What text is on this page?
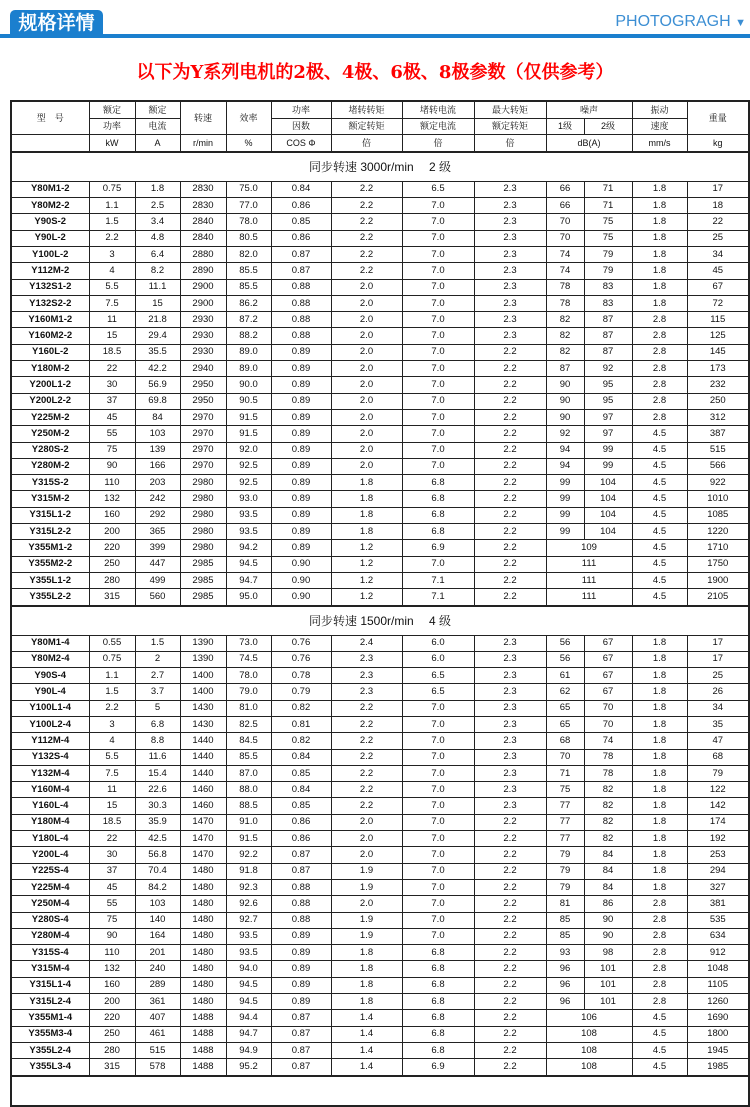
规格详情	PHOTOGRAGH ▼
以下为Y系列电机的2极、4极、6极、8极参数（仅供参考）
型　号	额定	额定	转速	效率	功率	堵转转矩	堵转电流	最大转矩	噪声		振动	重量
	功率	电流			因数	额定转矩	额定电流	额定转矩	1级	2级	速度	
	kW	A	r/min	%	COS Φ	倍	倍	倍	dB(A)		mm/s	kg
同步转速 3000r/min　 2 级												
Y80M1-2	0.75	1.8	2830	75.0	0.84	2.2	6.5	2.3	66	71	1.8	17
Y80M2-2	1.1	2.5	2830	77.0	0.86	2.2	7.0	2.3	66	71	1.8	18
Y90S-2	1.5	3.4	2840	78.0	0.85	2.2	7.0	2.3	70	75	1.8	22
Y90L-2	2.2	4.8	2840	80.5	0.86	2.2	7.0	2.3	70	75	1.8	25
Y100L-2	3	6.4	2880	82.0	0.87	2.2	7.0	2.3	74	79	1.8	34
Y112M-2	4	8.2	2890	85.5	0.87	2.2	7.0	2.3	74	79	1.8	45
Y132S1-2	5.5	11.1	2900	85.5	0.88	2.0	7.0	2.3	78	83	1.8	67
Y132S2-2	7.5	15	2900	86.2	0.88	2.0	7.0	2.3	78	83	1.8	72
Y160M1-2	11	21.8	2930	87.2	0.88	2.0	7.0	2.3	82	87	2.8	115
Y160M2-2	15	29.4	2930	88.2	0.88	2.0	7.0	2.3	82	87	2.8	125
Y160L-2	18.5	35.5	2930	89.0	0.89	2.0	7.0	2.2	82	87	2.8	145
Y180M-2	22	42.2	2940	89.0	0.89	2.0	7.0	2.2	87	92	2.8	173
Y200L1-2	30	56.9	2950	90.0	0.89	2.0	7.0	2.2	90	95	2.8	232
Y200L2-2	37	69.8	2950	90.5	0.89	2.0	7.0	2.2	90	95	2.8	250
Y225M-2	45	84	2970	91.5	0.89	2.0	7.0	2.2	90	97	2.8	312
Y250M-2	55	103	2970	91.5	0.89	2.0	7.0	2.2	92	97	4.5	387
Y280S-2	75	139	2970	92.0	0.89	2.0	7.0	2.2	94	99	4.5	515
Y280M-2	90	166	2970	92.5	0.89	2.0	7.0	2.2	94	99	4.5	566
Y315S-2	110	203	2980	92.5	0.89	1.8	6.8	2.2	99	104	4.5	922
Y315M-2	132	242	2980	93.0	0.89	1.8	6.8	2.2	99	104	4.5	1010
Y315L1-2	160	292	2980	93.5	0.89	1.8	6.8	2.2	99	104	4.5	1085
Y315L2-2	200	365	2980	93.5	0.89	1.8	6.8	2.2	99	104	4.5	1220
Y355M1-2	220	399	2980	94.2	0.89	1.2	6.9	2.2	109		4.5	1710
Y355M2-2	250	447	2985	94.5	0.90	1.2	7.0	2.2	111		4.5	1750
Y355L1-2	280	499	2985	94.7	0.90	1.2	7.1	2.2	111		4.5	1900
Y355L2-2	315	560	2985	95.0	0.90	1.2	7.1	2.2	111		4.5	2105
同步转速 1500r/min　 4 级												
Y80M1-4	0.55	1.5	1390	73.0	0.76	2.4	6.0	2.3	56	67	1.8	17
Y80M2-4	0.75	2	1390	74.5	0.76	2.3	6.0	2.3	56	67	1.8	17
Y90S-4	1.1	2.7	1400	78.0	0.78	2.3	6.5	2.3	61	67	1.8	25
Y90L-4	1.5	3.7	1400	79.0	0.79	2.3	6.5	2.3	62	67	1.8	26
Y100L1-4	2.2	5	1430	81.0	0.82	2.2	7.0	2.3	65	70	1.8	34
Y100L2-4	3	6.8	1430	82.5	0.81	2.2	7.0	2.3	65	70	1.8	35
Y112M-4	4	8.8	1440	84.5	0.82	2.2	7.0	2.3	68	74	1.8	47
Y132S-4	5.5	11.6	1440	85.5	0.84	2.2	7.0	2.3	70	78	1.8	68
Y132M-4	7.5	15.4	1440	87.0	0.85	2.2	7.0	2.3	71	78	1.8	79
Y160M-4	11	22.6	1460	88.0	0.84	2.2	7.0	2.3	75	82	1.8	122
Y160L-4	15	30.3	1460	88.5	0.85	2.2	7.0	2.3	77	82	1.8	142
Y180M-4	18.5	35.9	1470	91.0	0.86	2.0	7.0	2.2	77	82	1.8	174
Y180L-4	22	42.5	1470	91.5	0.86	2.0	7.0	2.2	77	82	1.8	192
Y200L-4	30	56.8	1470	92.2	0.87	2.0	7.0	2.2	79	84	1.8	253
Y225S-4	37	70.4	1480	91.8	0.87	1.9	7.0	2.2	79	84	1.8	294
Y225M-4	45	84.2	1480	92.3	0.88	1.9	7.0	2.2	79	84	1.8	327
Y250M-4	55	103	1480	92.6	0.88	2.0	7.0	2.2	81	86	2.8	381
Y280S-4	75	140	1480	92.7	0.88	1.9	7.0	2.2	85	90	2.8	535
Y280M-4	90	164	1480	93.5	0.89	1.9	7.0	2.2	85	90	2.8	634
Y315S-4	110	201	1480	93.5	0.89	1.8	6.8	2.2	93	98	2.8	912
Y315M-4	132	240	1480	94.0	0.89	1.8	6.8	2.2	96	101	2.8	1048
Y315L1-4	160	289	1480	94.5	0.89	1.8	6.8	2.2	96	101	2.8	1105
Y315L2-4	200	361	1480	94.5	0.89	1.8	6.8	2.2	96	101	2.8	1260
Y355M1-4	220	407	1488	94.4	0.87	1.4	6.8	2.2	106		4.5	1690
Y355M3-4	250	461	1488	94.7	0.87	1.4	6.8	2.2	108		4.5	1800
Y355L2-4	280	515	1488	94.9	0.87	1.4	6.8	2.2	108		4.5	1945
Y355L3-4	315	578	1488	95.2	0.87	1.4	6.9	2.2	108		4.5	1985
